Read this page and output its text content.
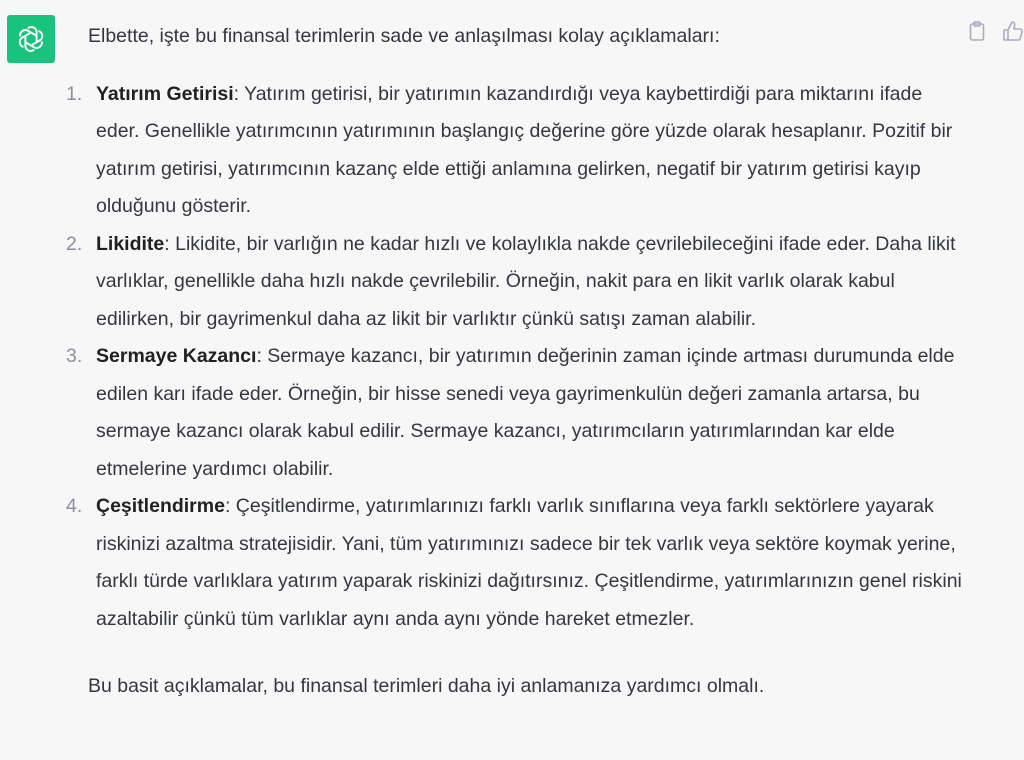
Elbette, işte bu finansal terimlerin sade ve anlaşılması kolay açıklamaları:

1. Yatırım Getirisi: Yatırım getirisi, bir yatırımın kazandırdığı veya kaybettirdiği para miktarını ifade eder. Genellikle yatırımcının yatırımının başlangıç değerine göre yüzde olarak hesaplanır. Pozitif bir yatırım getirisi, yatırımcının kazanç elde ettiği anlamına gelirken, negatif bir yatırım getirisi kayıp olduğunu gösterir.
2. Likidite: Likidite, bir varlığın ne kadar hızlı ve kolaylıkla nakde çevrilebileceğini ifade eder. Daha likit varlıklar, genellikle daha hızlı nakde çevrilebilir. Örneğin, nakit para en likit varlık olarak kabul edilirken, bir gayrimenkul daha az likit bir varlıktır çünkü satışı zaman alabilir.
3. Sermaye Kazancı: Sermaye kazancı, bir yatırımın değerinin zaman içinde artması durumunda elde edilen karı ifade eder. Örneğin, bir hisse senedi veya gayrimenkulün değeri zamanla artarsa, bu sermaye kazancı olarak kabul edilir. Sermaye kazancı, yatırımcıların yatırımlarından kar elde etmelerine yardımcı olabilir.
4. Çeşitlendirme: Çeşitlendirme, yatırımlarınızı farklı varlık sınıflarına veya farklı sektörlere yayarak riskinizi azaltma stratejisidir. Yani, tüm yatırımınızı sadece bir tek varlık veya sektöre koymak yerine, farklı türde varlıklara yatırım yaparak riskinizi dağıtırsınız. Çeşitlendirme, yatırımlarınızın genel riskini azaltabilir çünkü tüm varlıklar aynı anda aynı yönde hareket etmezler.

Bu basit açıklamalar, bu finansal terimleri daha iyi anlamanıza yardımcı olmalı.
